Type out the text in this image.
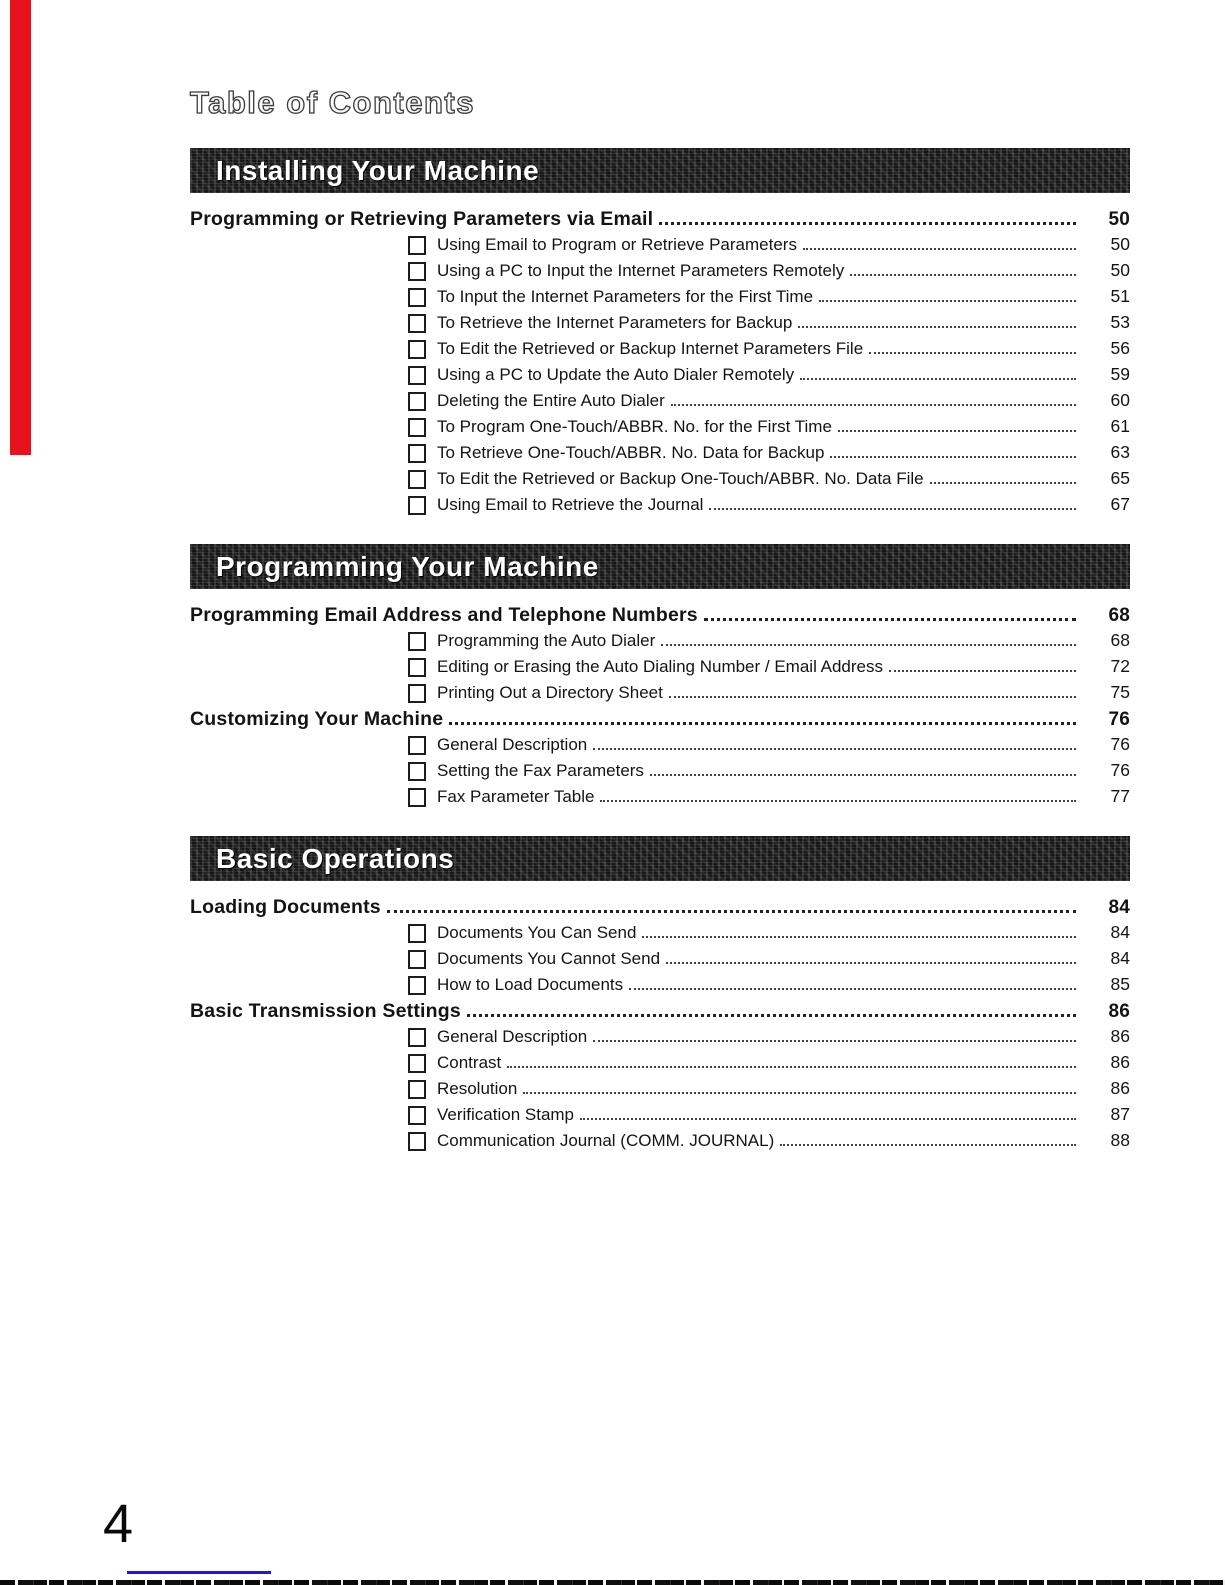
Table of Contents
Installing Your Machine
Programming or Retrieving Parameters via Email	50
Using Email to Program or Retrieve Parameters	50
Using a PC to Input the Internet Parameters Remotely	50
To Input the Internet Parameters for the First Time	51
To Retrieve the Internet Parameters for Backup	53
To Edit the Retrieved or Backup Internet Parameters File	56
Using a PC to Update the Auto Dialer Remotely	59
Deleting the Entire Auto Dialer	60
To Program One-Touch/ABBR. No. for the First Time	61
To Retrieve One-Touch/ABBR. No. Data for Backup	63
To Edit the Retrieved or Backup One-Touch/ABBR. No. Data File	65
Using Email to Retrieve the Journal	67
Programming Your Machine
Programming Email Address and Telephone Numbers	68
Programming the Auto Dialer	68
Editing or Erasing the Auto Dialing Number / Email Address	72
Printing Out a Directory Sheet	75
Customizing Your Machine	76
General Description	76
Setting the Fax Parameters	76
Fax Parameter Table	77
Basic Operations
Loading Documents	84
Documents You Can Send	84
Documents You Cannot Send	84
How to Load Documents	85
Basic Transmission Settings	86
General Description	86
Contrast	86
Resolution	86
Verification Stamp	87
Communication Journal (COMM. JOURNAL)	88
4
